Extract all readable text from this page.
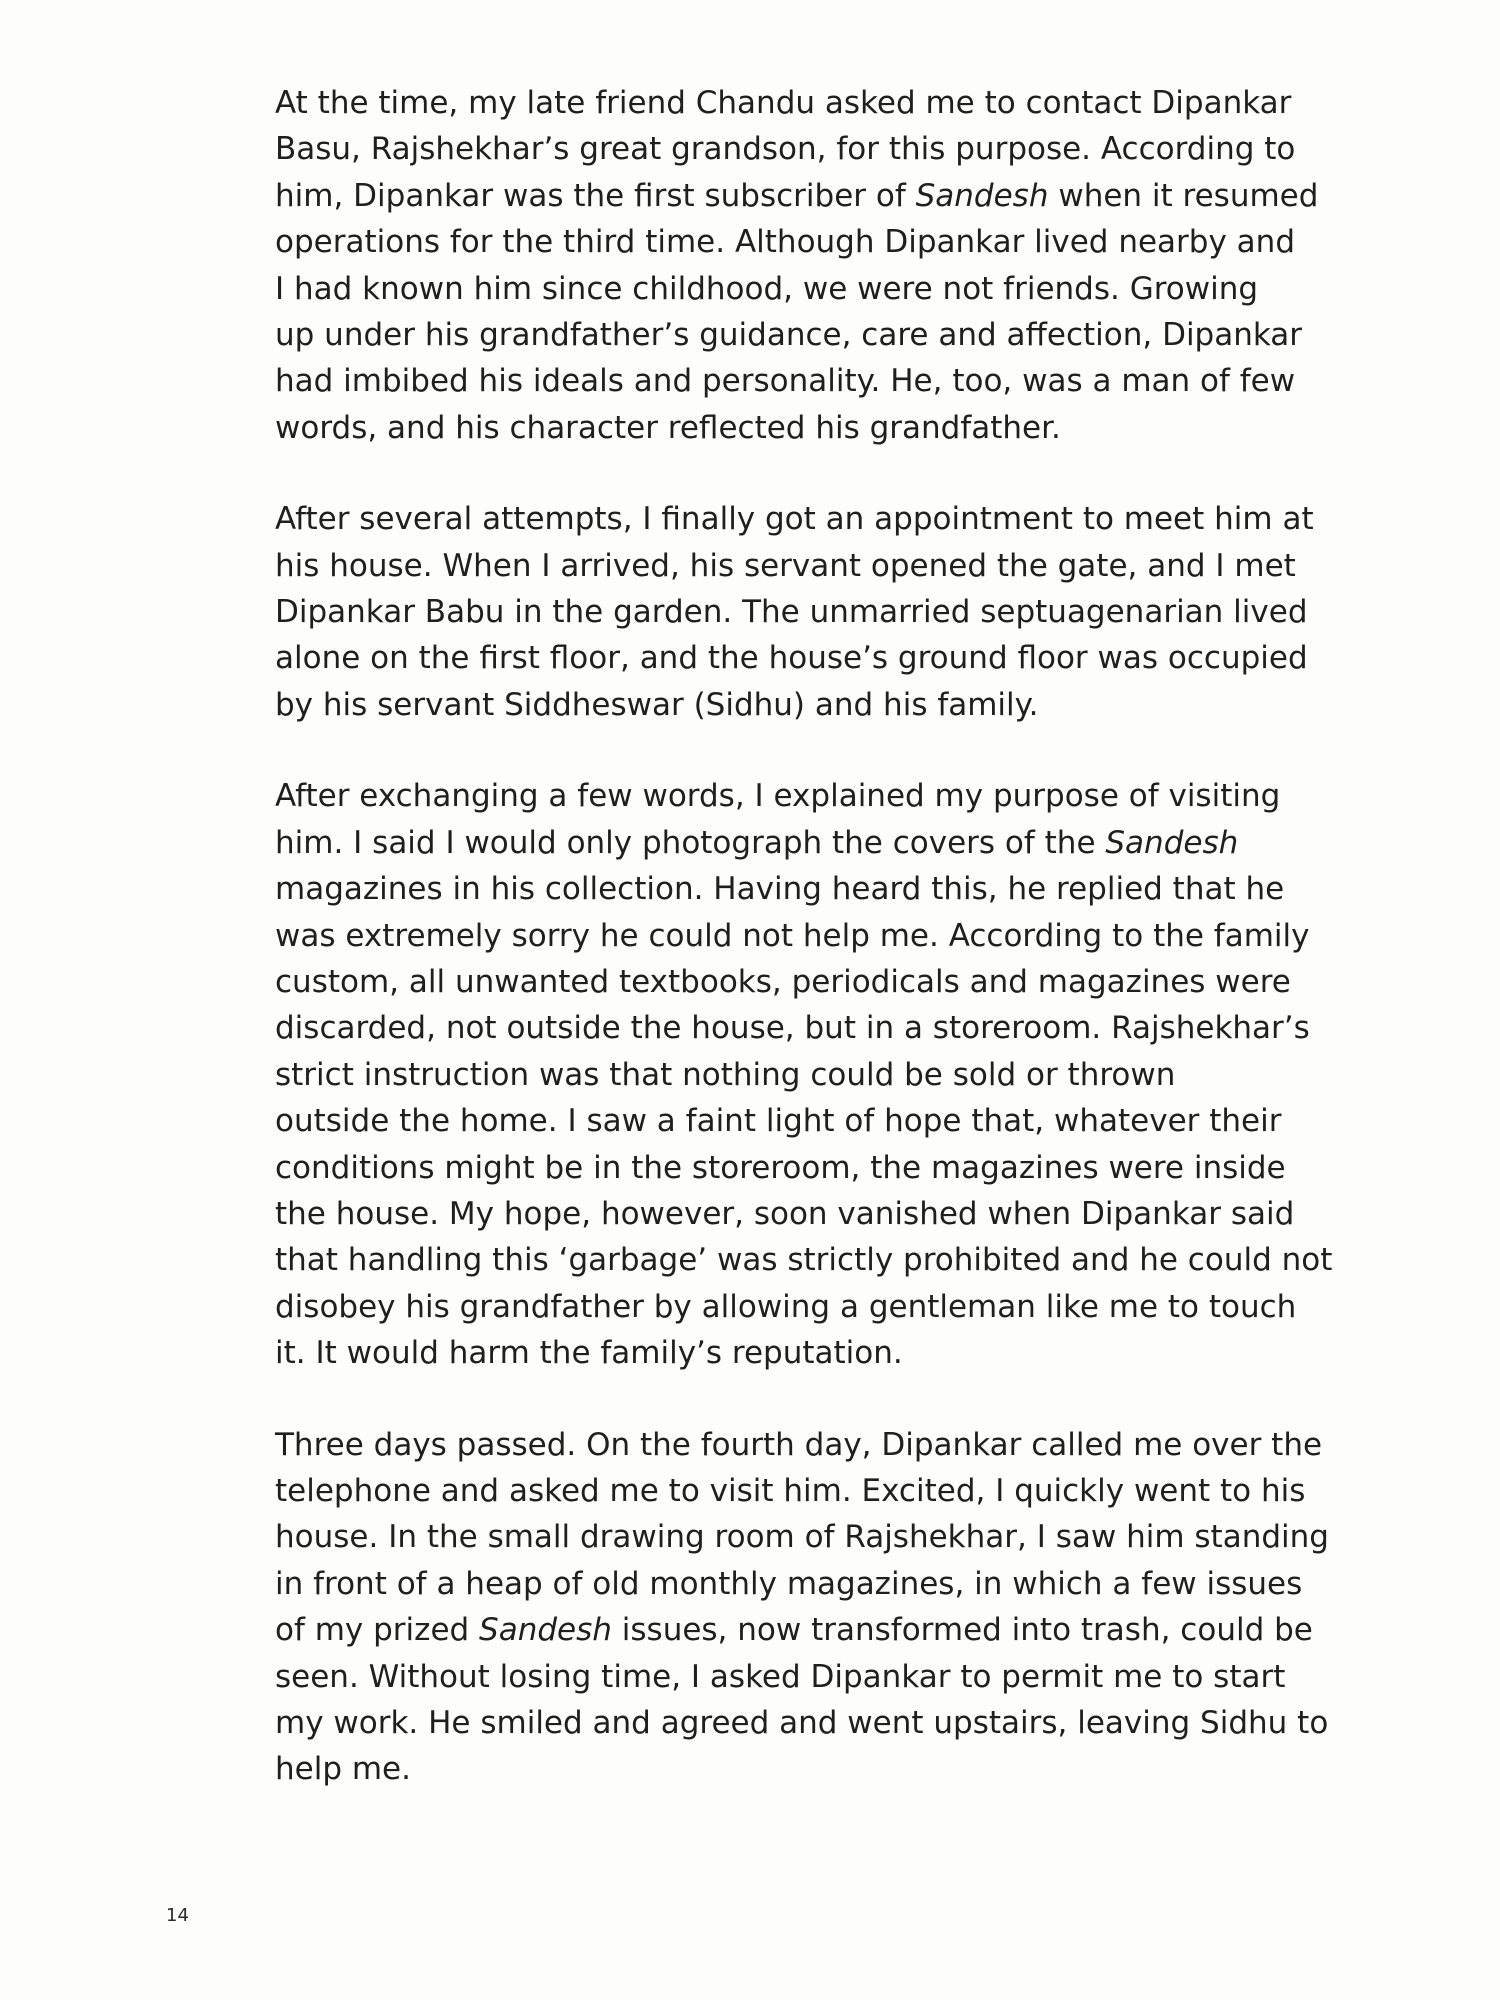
At the time, my late friend Chandu asked me to contact Dipankar
Basu, Rajshekhar’s great grandson, for this purpose. According to
him, Dipankar was the first subscriber of Sandesh when it resumed
operations for the third time. Although Dipankar lived nearby and
I had known him since childhood, we were not friends. Growing
up under his grandfather’s guidance, care and affection, Dipankar
had imbibed his ideals and personality. He, too, was a man of few
words, and his character reflected his grandfather.
After several attempts, I finally got an appointment to meet him at
his house. When I arrived, his servant opened the gate, and I met
Dipankar Babu in the garden. The unmarried septuagenarian lived
alone on the first floor, and the house’s ground floor was occupied
by his servant Siddheswar (Sidhu) and his family.
After exchanging a few words, I explained my purpose of visiting
him. I said I would only photograph the covers of the Sandesh
magazines in his collection. Having heard this, he replied that he
was extremely sorry he could not help me. According to the family
custom, all unwanted textbooks, periodicals and magazines were
discarded, not outside the house, but in a storeroom. Rajshekhar’s
strict instruction was that nothing could be sold or thrown
outside the home. I saw a faint light of hope that, whatever their
conditions might be in the storeroom, the magazines were inside
the house. My hope, however, soon vanished when Dipankar said
that handling this ‘garbage’ was strictly prohibited and he could not
disobey his grandfather by allowing a gentleman like me to touch
it. It would harm the family’s reputation.
Three days passed. On the fourth day, Dipankar called me over the
telephone and asked me to visit him. Excited, I quickly went to his
house. In the small drawing room of Rajshekhar, I saw him standing
in front of a heap of old monthly magazines, in which a few issues
of my prized Sandesh issues, now transformed into trash, could be
seen. Without losing time, I asked Dipankar to permit me to start
my work. He smiled and agreed and went upstairs, leaving Sidhu to
help me.
14
